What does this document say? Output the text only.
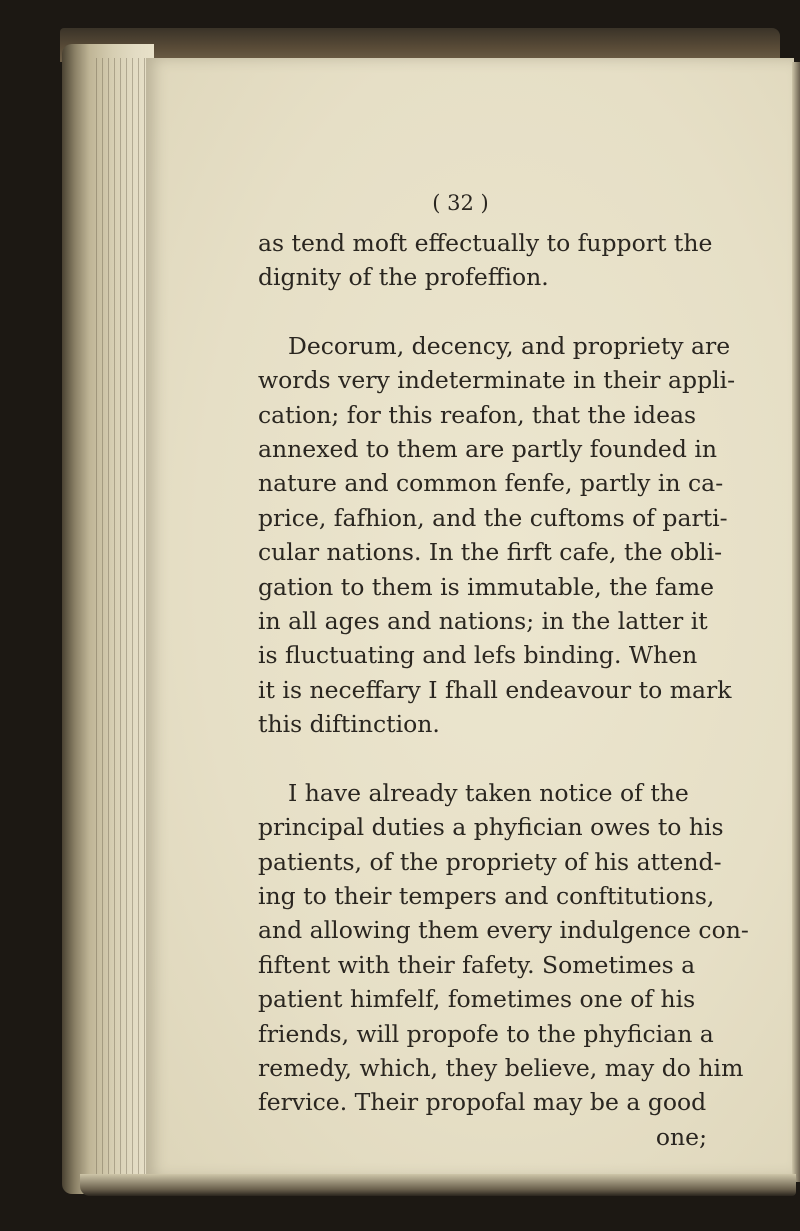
( 32 )
as tend moft effectually to fupport the
dignity of the profeffion.
Decorum, decency, and propriety are
words very indeterminate in their appli-
cation; for this reafon, that the ideas
annexed to them are partly founded in
nature and common fenfe, partly in ca-
price, fafhion, and the cuftoms of parti-
cular nations. In the firft cafe, the obli-
gation to them is immutable, the fame
in all ages and nations; in the latter it
is fluctuating and lefs binding. When
it is neceffary I fhall endeavour to mark
this diftinction.
I have already taken notice of the
principal duties a phyfician owes to his
patients, of the propriety of his attend-
ing to their tempers and conftitutions,
and allowing them every indulgence con-
fiftent with their fafety. Sometimes a
patient himfelf, fometimes one of his
friends, will propofe to the phyfician a
remedy, which, they believe, may do him
fervice. Their propofal may be a good
one;
